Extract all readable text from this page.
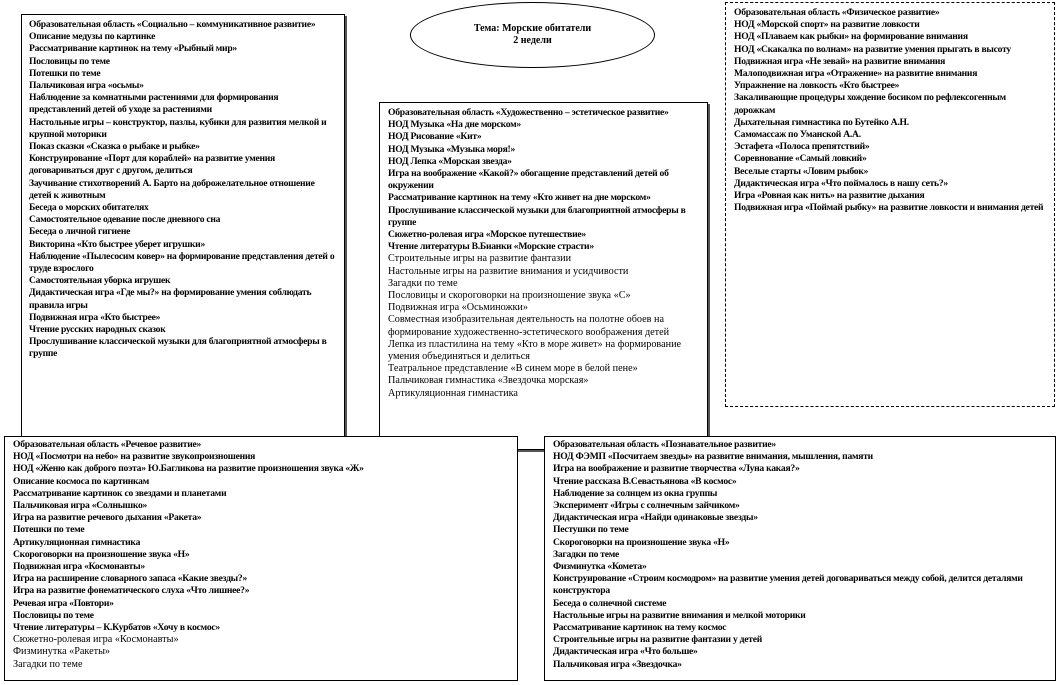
Образовательная область «Социально – коммуникативное развитие»
Описание медузы по картинке
Рассматривание картинок на тему «Рыбный мир»
Пословицы по теме
Потешки по теме
Пальчиковая игра «осьмы»
Наблюдение за комнатными растениями для формирования представлений детей об уходе за растениями
Настольные игры – конструктор, пазлы, кубики для развития мелкой и крупной моторики
Показ сказки «Сказка о рыбаке и рыбке»
Конструирование «Порт для кораблей» на развитие умения договариваться друг с другом, делиться
Заучивание стихотворений А. Барто на доброжелательное отношение детей к животным
Беседа о морских обитателях
Самостоятельное одевание после дневного сна
Беседа о личной гигиене
Викторина «Кто быстрее уберет игрушки»
Наблюдение «Пылесосим ковер» на формирование представления детей о труде взрослого
Самостоятельная уборка игрушек
Дидактическая игра «Где мы?» на формирование умения соблюдать правила игры
Подвижная игра «Кто быстрее»
Чтение русских народных сказок
Прослушивание классической музыки для благоприятной атмосферы в группе
Тема: Морские обитатели
2 недели
Образовательная область «Художественно – эстетическое развитие»
НОД Музыка «На дне морском»
НОД Рисование «Кит»
НОД Музыка «Музыка моря!»
НОД Лепка «Морская звезда»
Игра на воображение «Какой?» обогащение представлений детей об окружении
Рассматривание картинок на тему «Кто живет на дне морском»
Прослушивание классической музыки для благоприятной атмосферы в группе
Сюжетно-ролевая игра «Морское путешествие»
Чтение литературы В.Бианки «Морские страсти»
Строительные игры на развитие фантазии
Настольные игры на развитие внимания и усидчивости
Загадки по теме
Пословицы и скороговорки на произношение звука «С»
Подвижная игра «Осьминожки»
Совместная изобразительная деятельность на полотне обоев на формирование художественно-эстетического воображения детей
Лепка из пластилина на тему «Кто в море живет» на формирование умения объединяться и делиться
Театральное представление «В синем море в белой пене»
Пальчиковая гимнастика «Звездочка морская»
Артикуляционная гимнастика
Образовательная область «Физическое развитие»
НОД «Морской спорт» на развитие ловкости
НОД «Плаваем как рыбки» на формирование внимания
НОД «Скакалка по волнам» на развитие умения прыгать в высоту
Подвижная игра «Не зевай» на развитие внимания
Малоподвижная игра «Отражение» на развитие внимания
Упражнение на ловкость «Кто быстрее»
Закаливающие процедуры хождение босиком по рефлексогенным дорожкам
Дыхательная гимнастика по Бутейко А.Н.
Самомассаж по Уманской А.А.
Эстафета «Полоса препятствий»
Соревнование «Самый ловкий»
Веселые старты «Ловим рыбок»
Дидактическая игра «Что поймалось в нашу сеть?»
Игра «Ровная как нить» на развитие дыхания
Подвижная игра «Поймай рыбку» на развитие ловкости и внимания детей
Образовательная область «Речевое развитие»
НОД «Посмотри на небо» на развитие звукопроизношения
НОД «Женю как доброго поэта» Ю.Багликова на развитие произношения звука «Ж»
Описание космоса по картинкам
Рассматривание картинок со звездами и планетами
Пальчиковая игра «Солнышко»
Игра на развитие речевого дыхания «Ракета»
Потешки по теме
Артикуляционная гимнастика
Скороговорки на произношение звука «Н»
Подвижная игра «Космонавты»
Игра на расширение словарного запаса «Какие звезды?»
Игра на развитие фонематического слуха «Что лишнее?»
Речевая игра «Повтори»
Пословицы по теме
Чтение литературы – К.Курбатов «Хочу в космос»
Сюжетно-ролевая игра «Космонавты»
Физминутка «Ракеты»
Загадки по теме
Образовательная область «Познавательное развитие»
НОД ФЭМП «Посчитаем звезды» на развитие внимания, мышления, памяти
Игра на воображение и развитие творчества «Луна какая?»
Чтение рассказа В.Севастьянова «В космос»
Наблюдение за солнцем из окна группы
Эксперимент «Игры с солнечным зайчиком»
Дидактическая игра «Найди одинаковые звезды»
Пестушки по теме
Скороговорки на произношение звука «Н»
Загадки по теме
Физминутка «Комета»
Конструирование «Строим космодром» на развитие умения детей договариваться между собой, делится деталями конструктора
Беседа о солнечной системе
Настольные игры на развитие внимания и мелкой моторики
Рассматривание картинок на тему космос
Строительные игры на развитие фантазии у детей
Дидактическая игра «Что больше»
Пальчиковая игра «Звездочка»
